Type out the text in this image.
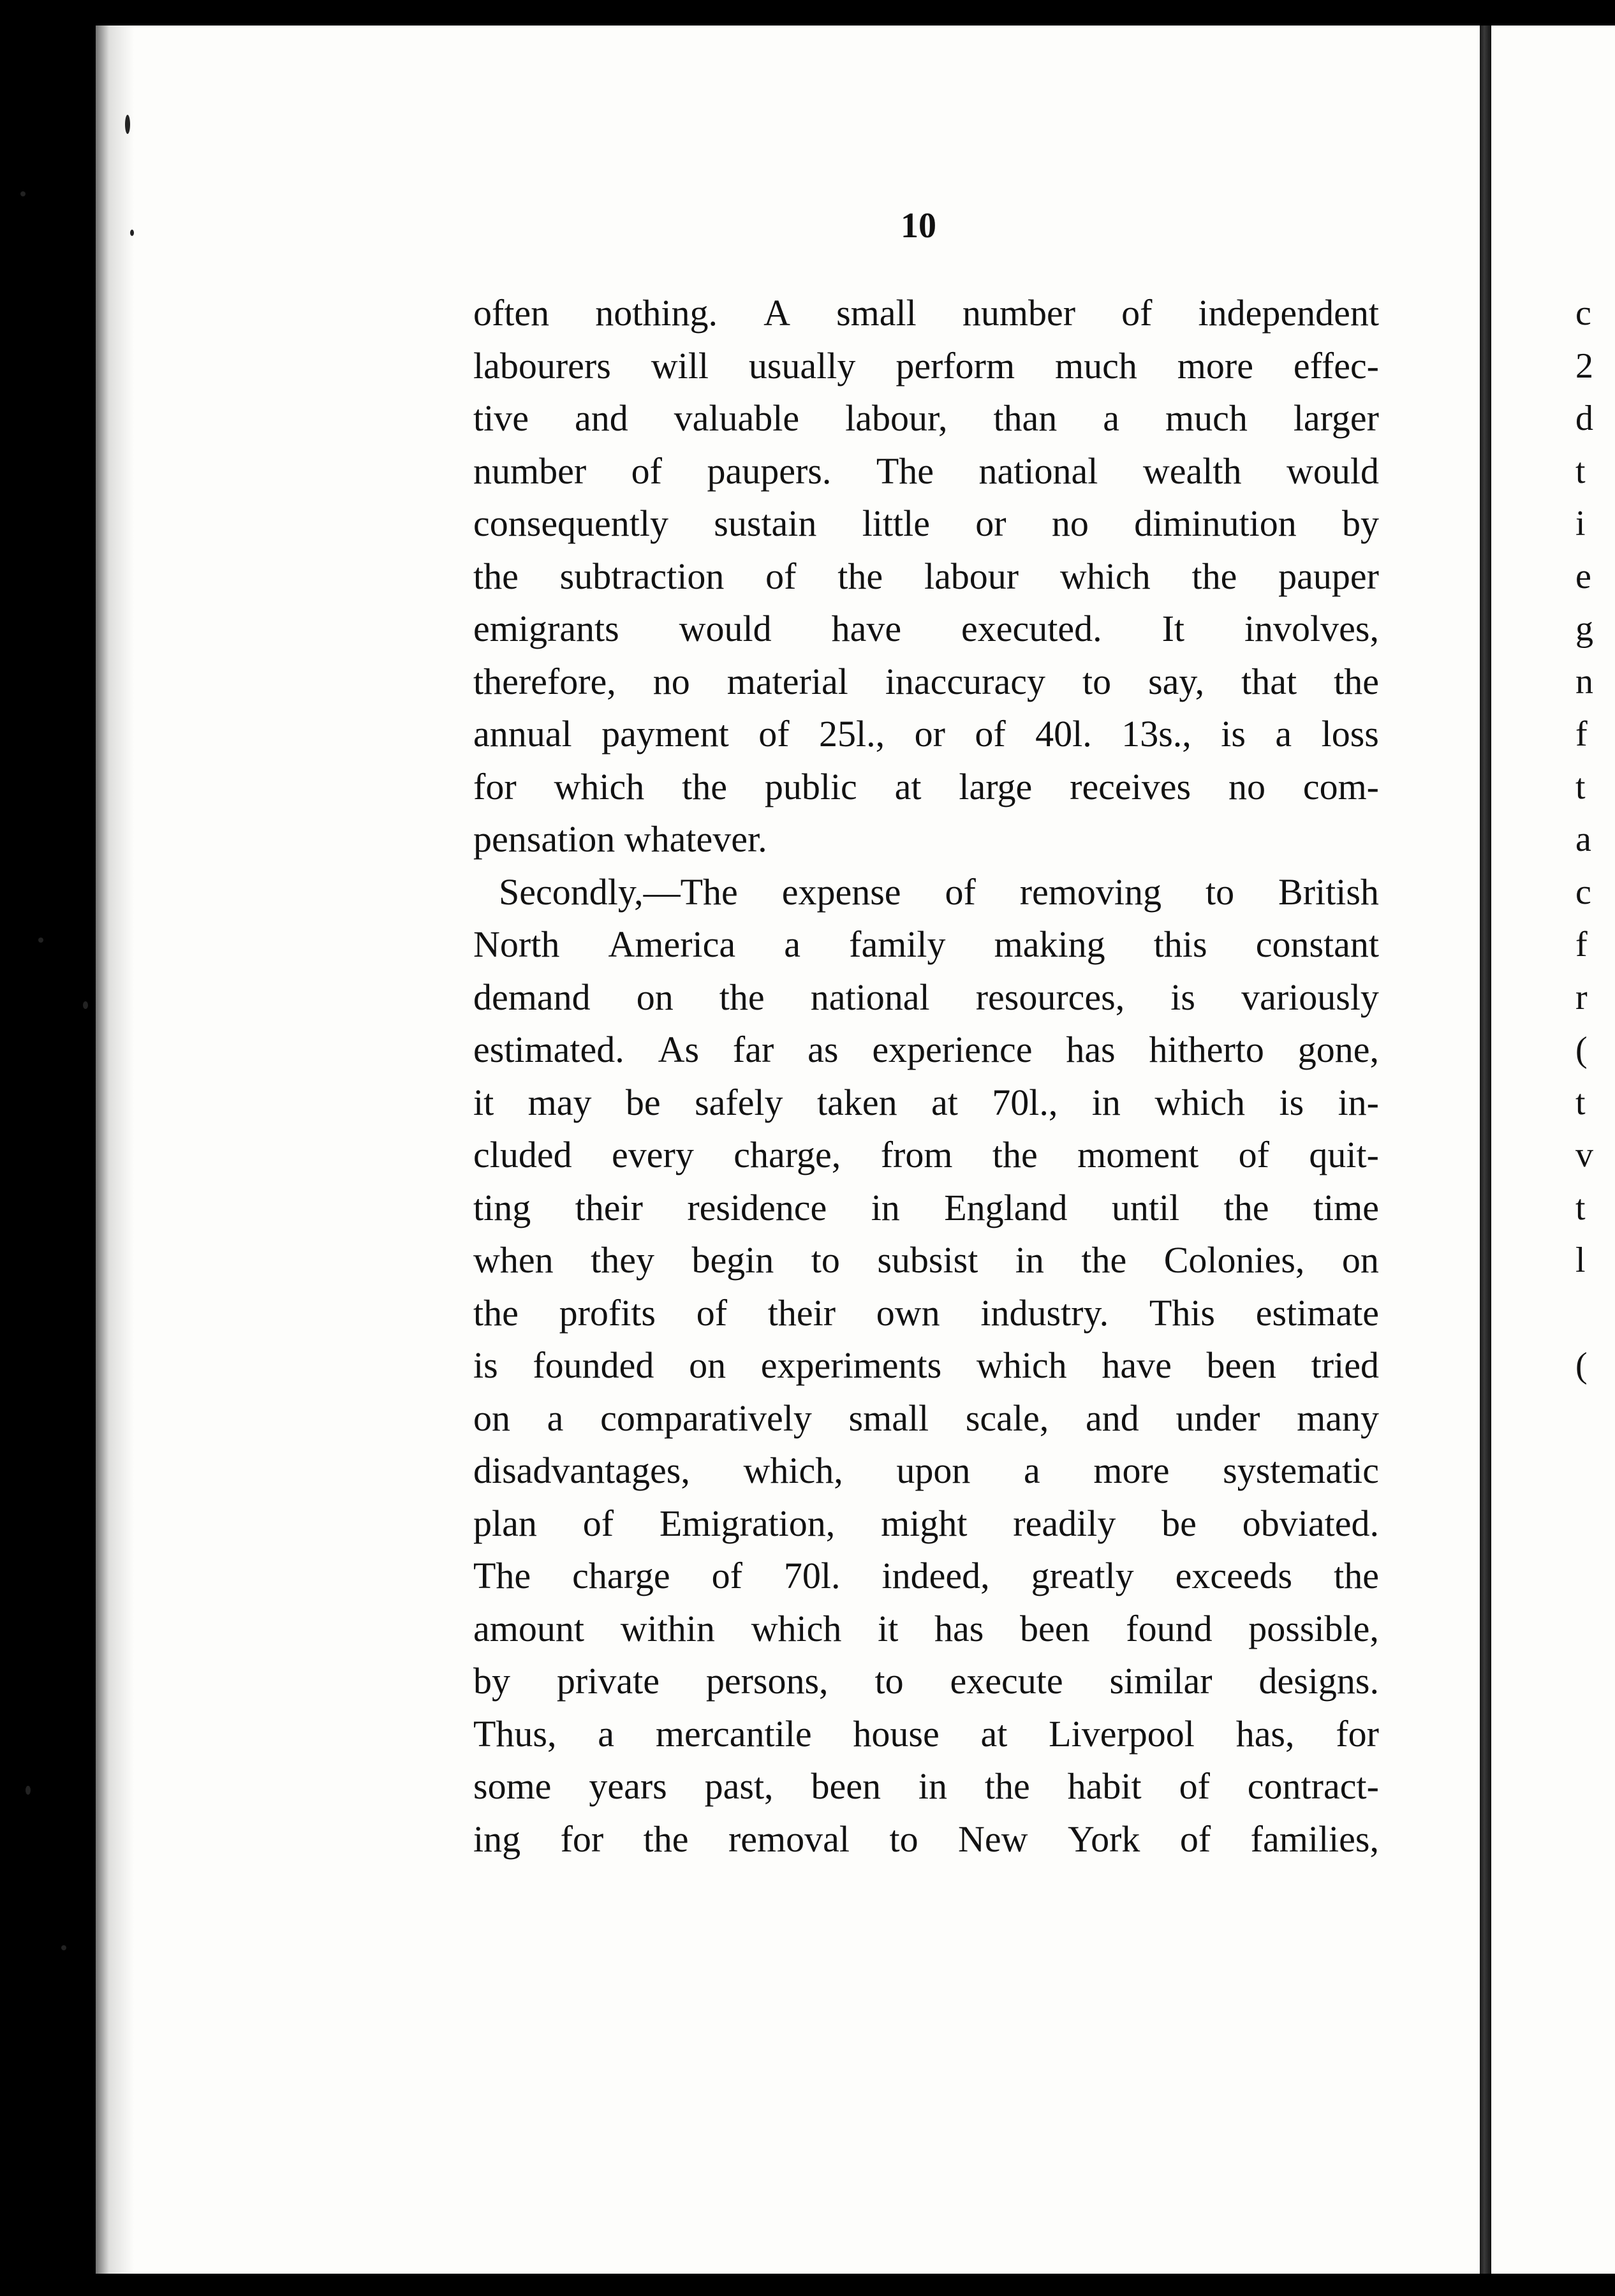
10
often nothing. A small number of independent
labourers will usually perform much more effec-
tive and valuable labour, than a much larger
number of paupers. The national wealth would
consequently sustain little or no diminution by
the subtraction of the labour which the pauper
emigrants would have executed. It involves,
therefore, no material inaccuracy to say, that the
annual payment of 25l., or of 40l. 13s., is a loss
for which the public at large receives no com-
pensation whatever.
Secondly,—The expense of removing to British
North America a family making this constant
demand on the national resources, is variously
estimated. As far as experience has hitherto gone,
it may be safely taken at 70l., in which is in-
cluded every charge, from the moment of quit-
ting their residence in England until the time
when they begin to subsist in the Colonies, on
the profits of their own industry. This estimate
is founded on experiments which have been tried
on a comparatively small scale, and under many
disadvantages, which, upon a more systematic
plan of Emigration, might readily be obviated.
The charge of 70l. indeed, greatly exceeds the
amount within which it has been found possible,
by private persons, to execute similar designs.
Thus, a mercantile house at Liverpool has, for
some years past, been in the habit of contract-
ing for the removal to New York of families,
c
2
d
t
i
e
g
n
f
t
a
c
f
r
(
t
v
t
l
(
